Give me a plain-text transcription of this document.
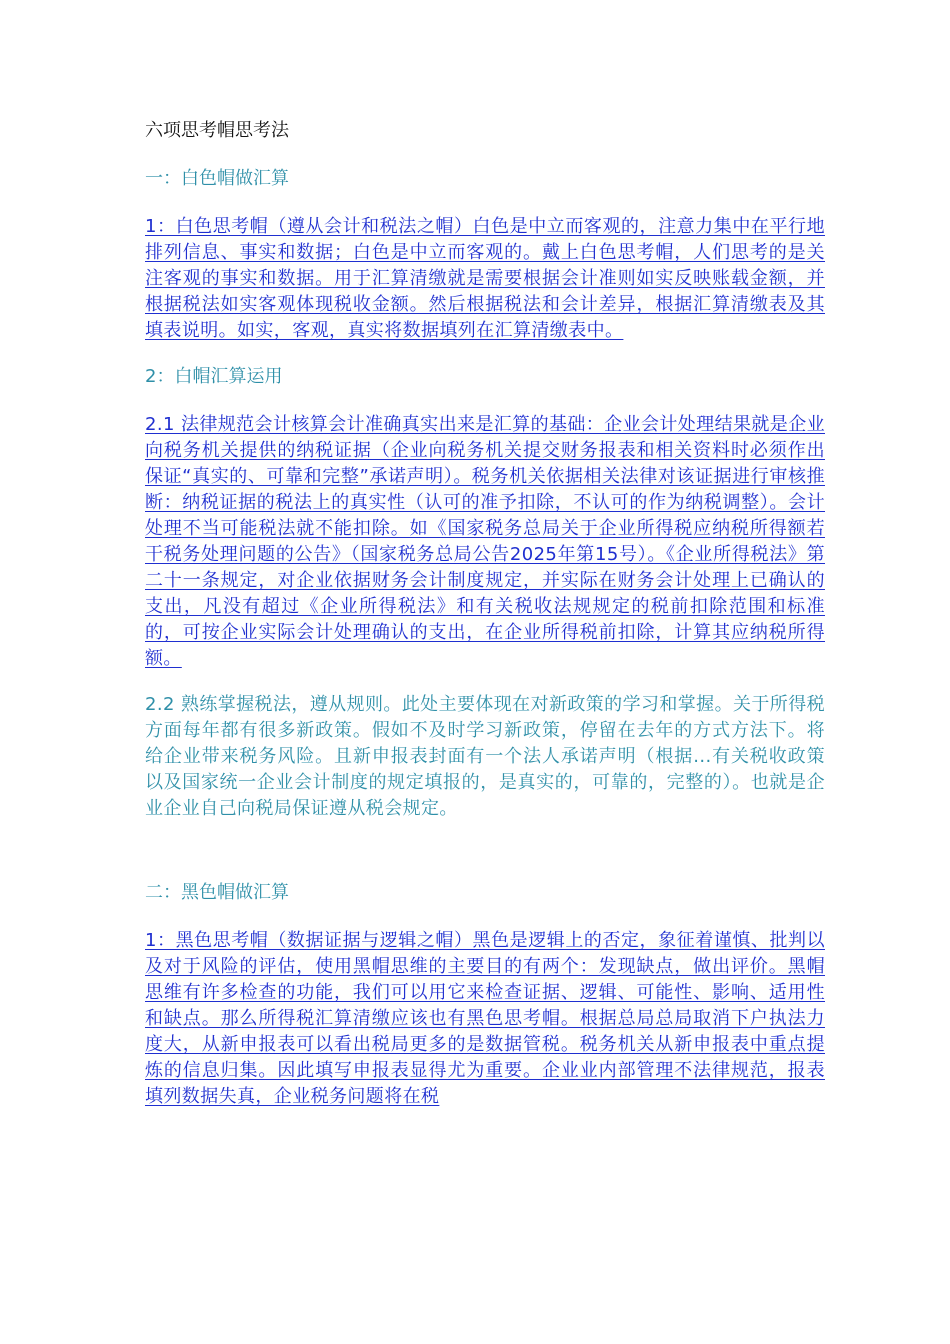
六项思考帽思考法
一：白色帽做汇算
1：白色思考帽（遵从会计和税法之帽）白色是中立而客观的，注意力集中在平行地排列信息、事实和数据；白色是中立而客观的。戴上白色思考帽，人们思考的是关注客观的事实和数据。用于汇算清缴就是需要根据会计准则如实反映账载金额，并根据税法如实客观体现税收金额。然后根据税法和会计差异，根据汇算清缴表及其填表说明。如实，客观，真实将数据填列在汇算清缴表中。
2：白帽汇算运用
2.1 法律规范会计核算会计准确真实出来是汇算的基础：企业会计处理结果就是企业向税务机关提供的纳税证据（企业向税务机关提交财务报表和相关资料时必须作出保证“真实的、可靠和完整”承诺声明）。税务机关依据相关法律对该证据进行审核推断：纳税证据的税法上的真实性（认可的准予扣除，不认可的作为纳税调整）。会计处理不当可能税法就不能扣除。如《国家税务总局关于企业所得税应纳税所得额若干税务处理问题的公告》（国家税务总局公告2025年第15号）。《企业所得税法》第二十一条规定，对企业依据财务会计制度规定，并实际在财务会计处理上已确认的支出，凡没有超过《企业所得税法》和有关税收法规规定的税前扣除范围和标准的，可按企业实际会计处理确认的支出，在企业所得税前扣除，计算其应纳税所得额。
2.2 熟练掌握税法，遵从规则。此处主要体现在对新政策的学习和掌握。关于所得税方面每年都有很多新政策。假如不及时学习新政策，停留在去年的方式方法下。将给企业带来税务风险。且新申报表封面有一个法人承诺声明（根据...有关税收政策以及国家统一企业会计制度的规定填报的，是真实的，可靠的，完整的）。也就是企业企业自己向税局保证遵从税会规定。
二：黑色帽做汇算
1：黑色思考帽（数据证据与逻辑之帽）黑色是逻辑上的否定，象征着谨慎、批判以及对于风险的评估，使用黑帽思维的主要目的有两个：发现缺点，做出评价。黑帽思维有许多检查的功能，我们可以用它来检查证据、逻辑、可能性、影响、适用性和缺点。那么所得税汇算清缴应该也有黑色思考帽。根据总局总局取消下户执法力度大，从新申报表可以看出税局更多的是数据管税。税务机关从新申报表中重点提炼的信息归集。因此填写申报表显得尤为重要。企业业内部管理不法律规范，报表填列数据失真，企业税务问题将在税
